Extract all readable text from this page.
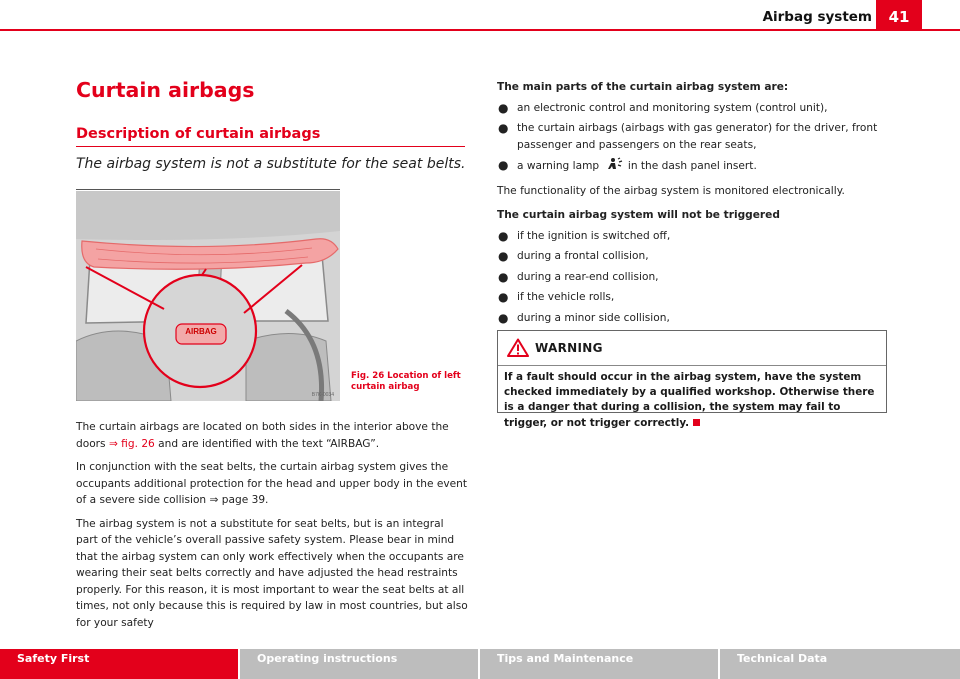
Airbag system	41
Curtain airbags
Description of curtain airbags
The airbag system is not a substitute for the seat belts.
AIRBAG
B7K-0034
Fig. 26 Location of left
curtain airbag

The curtain airbags are located on both sides in the interior above the doors ⇒ fig. 26 and are identified with the text “AIRBAG”.

In conjunction with the seat belts, the curtain airbag system gives the occupants additional protection for the head and upper body in the event of a severe side collision ⇒ page 39.

The airbag system is not a substitute for seat belts, but is an integral part of the vehicle’s overall passive safety system. Please bear in mind that the airbag system can only work effectively when the occupants are wearing their seat belts correctly and have adjusted the head restraints properly. For this reason, it is most important to wear the seat belts at all times, not only because this is required by law in most countries, but also for your safety

The main parts of the curtain airbag system are:

● an electronic control and monitoring system (control unit),
● the curtain airbags (airbags with gas generator) for the driver, front passenger and passengers on the rear seats,
● a warning lamp  in the dash panel insert.

The functionality of the airbag system is monitored electronically.

The curtain airbag system will not be triggered

● if the ignition is switched off,
● during a frontal collision,
● during a rear-end collision,
● if the vehicle rolls,
● during a minor side collision,
WARNING
If a fault should occur in the airbag system, have the system checked immediately by a qualified workshop. Otherwise there is a danger that during a collision, the system may fail to trigger, or not trigger correctly.
Safety First	Operating instructions	Tips and Maintenance	Technical Data
